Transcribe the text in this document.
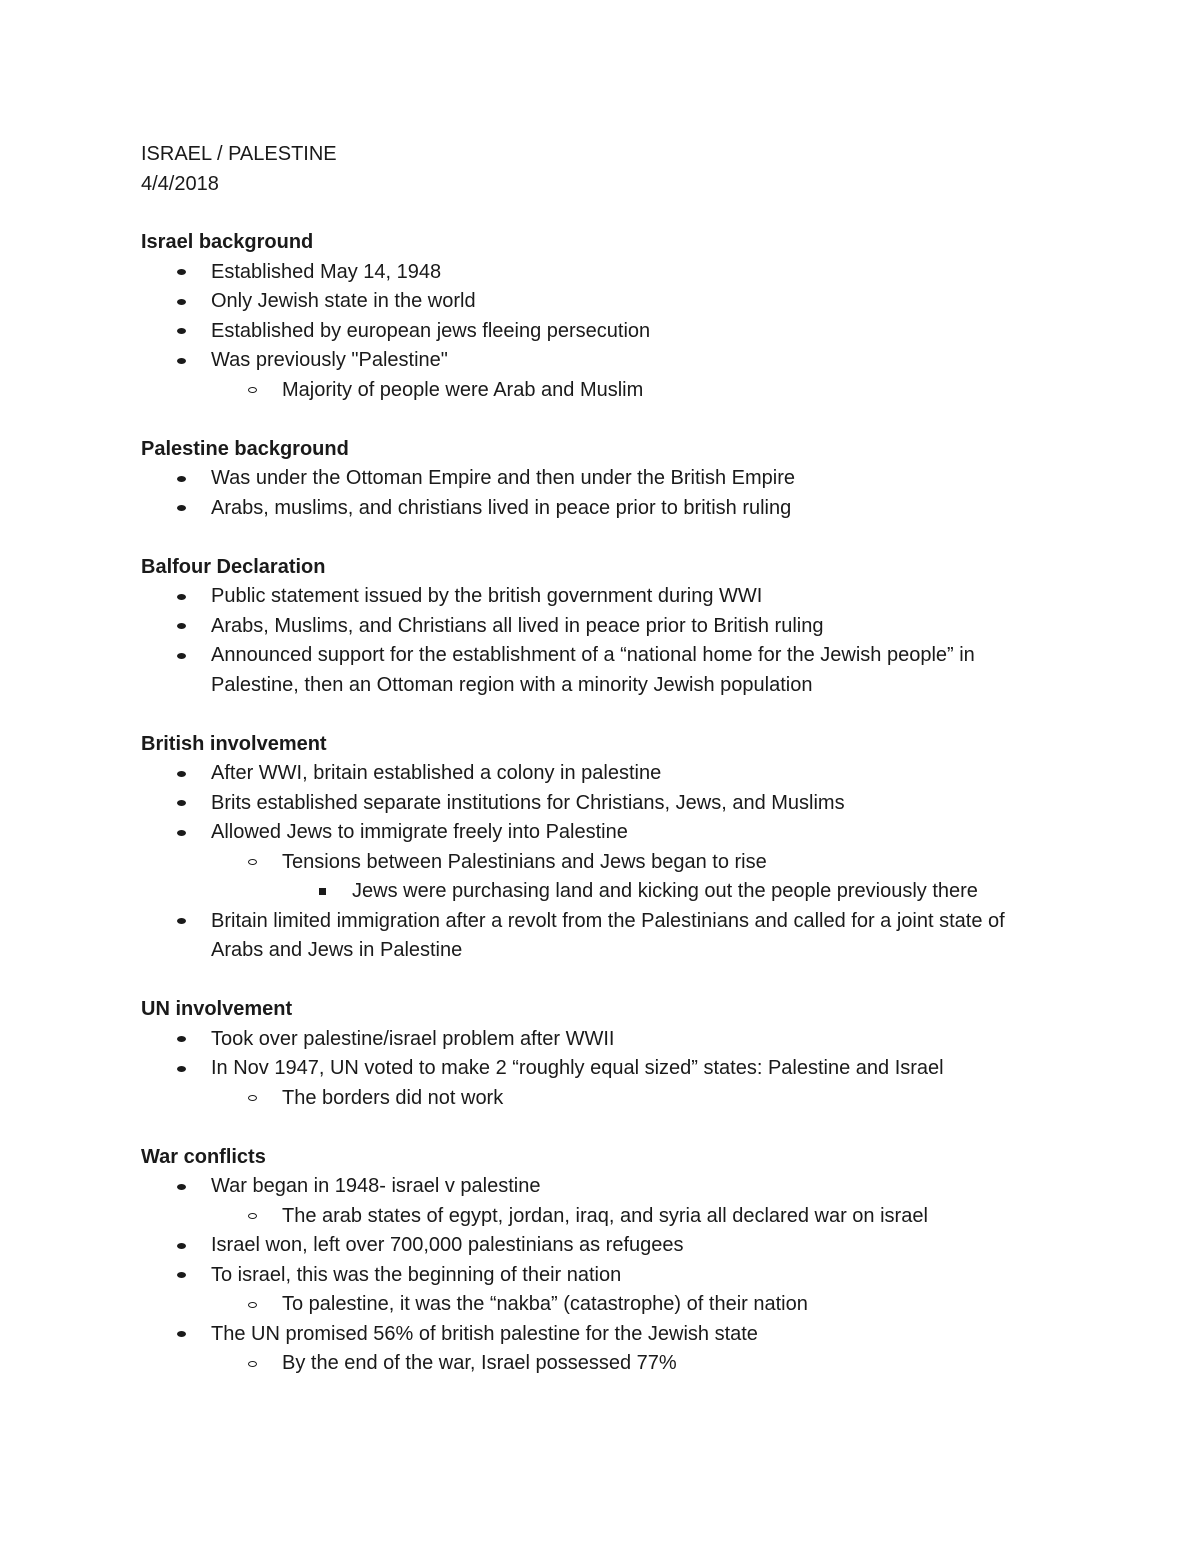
ISRAEL / PALESTINE
4/4/2018
Israel background
Established May 14, 1948
Only Jewish state in the world
Established by european jews fleeing persecution
Was previously "Palestine"
Majority of people were Arab and Muslim
Palestine background
Was under the Ottoman Empire and then under the British Empire
Arabs, muslims, and christians lived in peace prior to british ruling
Balfour Declaration
Public statement issued by the british government during WWI
Arabs, Muslims, and Christians all lived in peace prior to British ruling
Announced support for the establishment of a “national home for the Jewish people” in Palestine, then an Ottoman region with a minority Jewish population
British involvement
After WWI, britain established a colony in palestine
Brits established separate institutions for Christians, Jews, and Muslims
Allowed Jews to immigrate freely into Palestine
Tensions between Palestinians and Jews began to rise
Jews were purchasing land and kicking out the people previously there
Britain limited immigration after a revolt from the Palestinians and called for a joint state of Arabs and Jews in Palestine
UN involvement
Took over palestine/israel problem after WWII
In Nov 1947, UN voted to make 2 “roughly equal sized” states: Palestine and Israel
The borders did not work
War conflicts
War began in 1948- israel v palestine
The arab states of egypt, jordan, iraq, and syria all declared war on israel
Israel won, left over 700,000 palestinians as refugees
To israel, this was the beginning of their nation
To palestine, it was the “nakba” (catastrophe) of their nation
The UN promised 56% of british palestine for the Jewish state
By the end of the war, Israel possessed 77%
